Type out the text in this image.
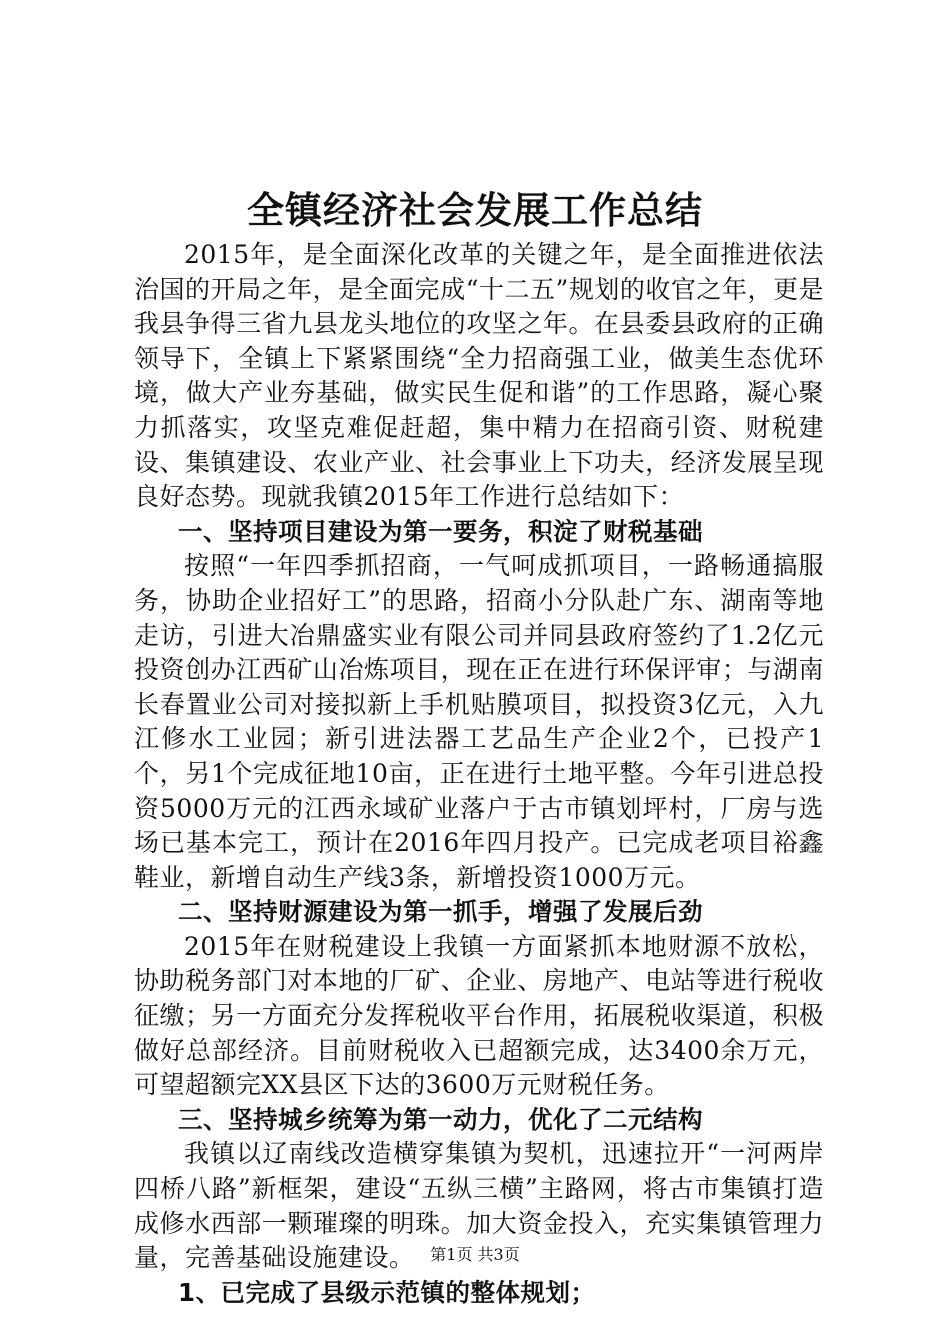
全镇经济社会发展工作总结

2015年，是全面深化改革的关键之年，是全面推进依法治国的开局之年，是全面完成“十二五”规划的收官之年，更是我县争得三省九县龙头地位的攻坚之年。在县委县政府的正确领导下，全镇上下紧紧围绕“全力招商强工业，做美生态优环境，做大产业夯基础，做实民生促和谐”的工作思路，凝心聚力抓落实，攻坚克难促赶超，集中精力在招商引资、财税建设、集镇建设、农业产业、社会事业上下功夫，经济发展呈现良好态势。现就我镇2015年工作进行总结如下：

一、坚持项目建设为第一要务，积淀了财税基础

按照“一年四季抓招商，一气呵成抓项目，一路畅通搞服务，协助企业招好工”的思路，招商小分队赴广东、湖南等地走访，引进大冶鼎盛实业有限公司并同县政府签约了1.2亿元投资创办江西矿山冶炼项目，现在正在进行环保评审；与湖南长春置业公司对接拟新上手机贴膜项目，拟投资3亿元，入九江修水工业园；新引进法器工艺品生产企业2个，已投产1个，另1个完成征地10亩，正在进行土地平整。今年引进总投资5000万元的江西永域矿业落户于古市镇划坪村，厂房与选场已基本完工，预计在2016年四月投产。已完成老项目裕鑫鞋业，新增自动生产线3条，新增投资1000万元。

二、坚持财源建设为第一抓手，增强了发展后劲

2015年在财税建设上我镇一方面紧抓本地财源不放松，协助税务部门对本地的厂矿、企业、房地产、电站等进行税收征缴；另一方面充分发挥税收平台作用，拓展税收渠道，积极做好总部经济。目前财税收入已超额完成，达3400余万元，可望超额完XX县区下达的3600万元财税任务。

三、坚持城乡统筹为第一动力，优化了二元结构

我镇以辽南线改造横穿集镇为契机，迅速拉开“一河两岸四桥八路”新框架，建设“五纵三横”主路网，将古市集镇打造成修水西部一颗璀璨的明珠。加大资金投入，充实集镇管理力量，完善基础设施建设。

1、已完成了县级示范镇的整体规划；

第1页 共3页
